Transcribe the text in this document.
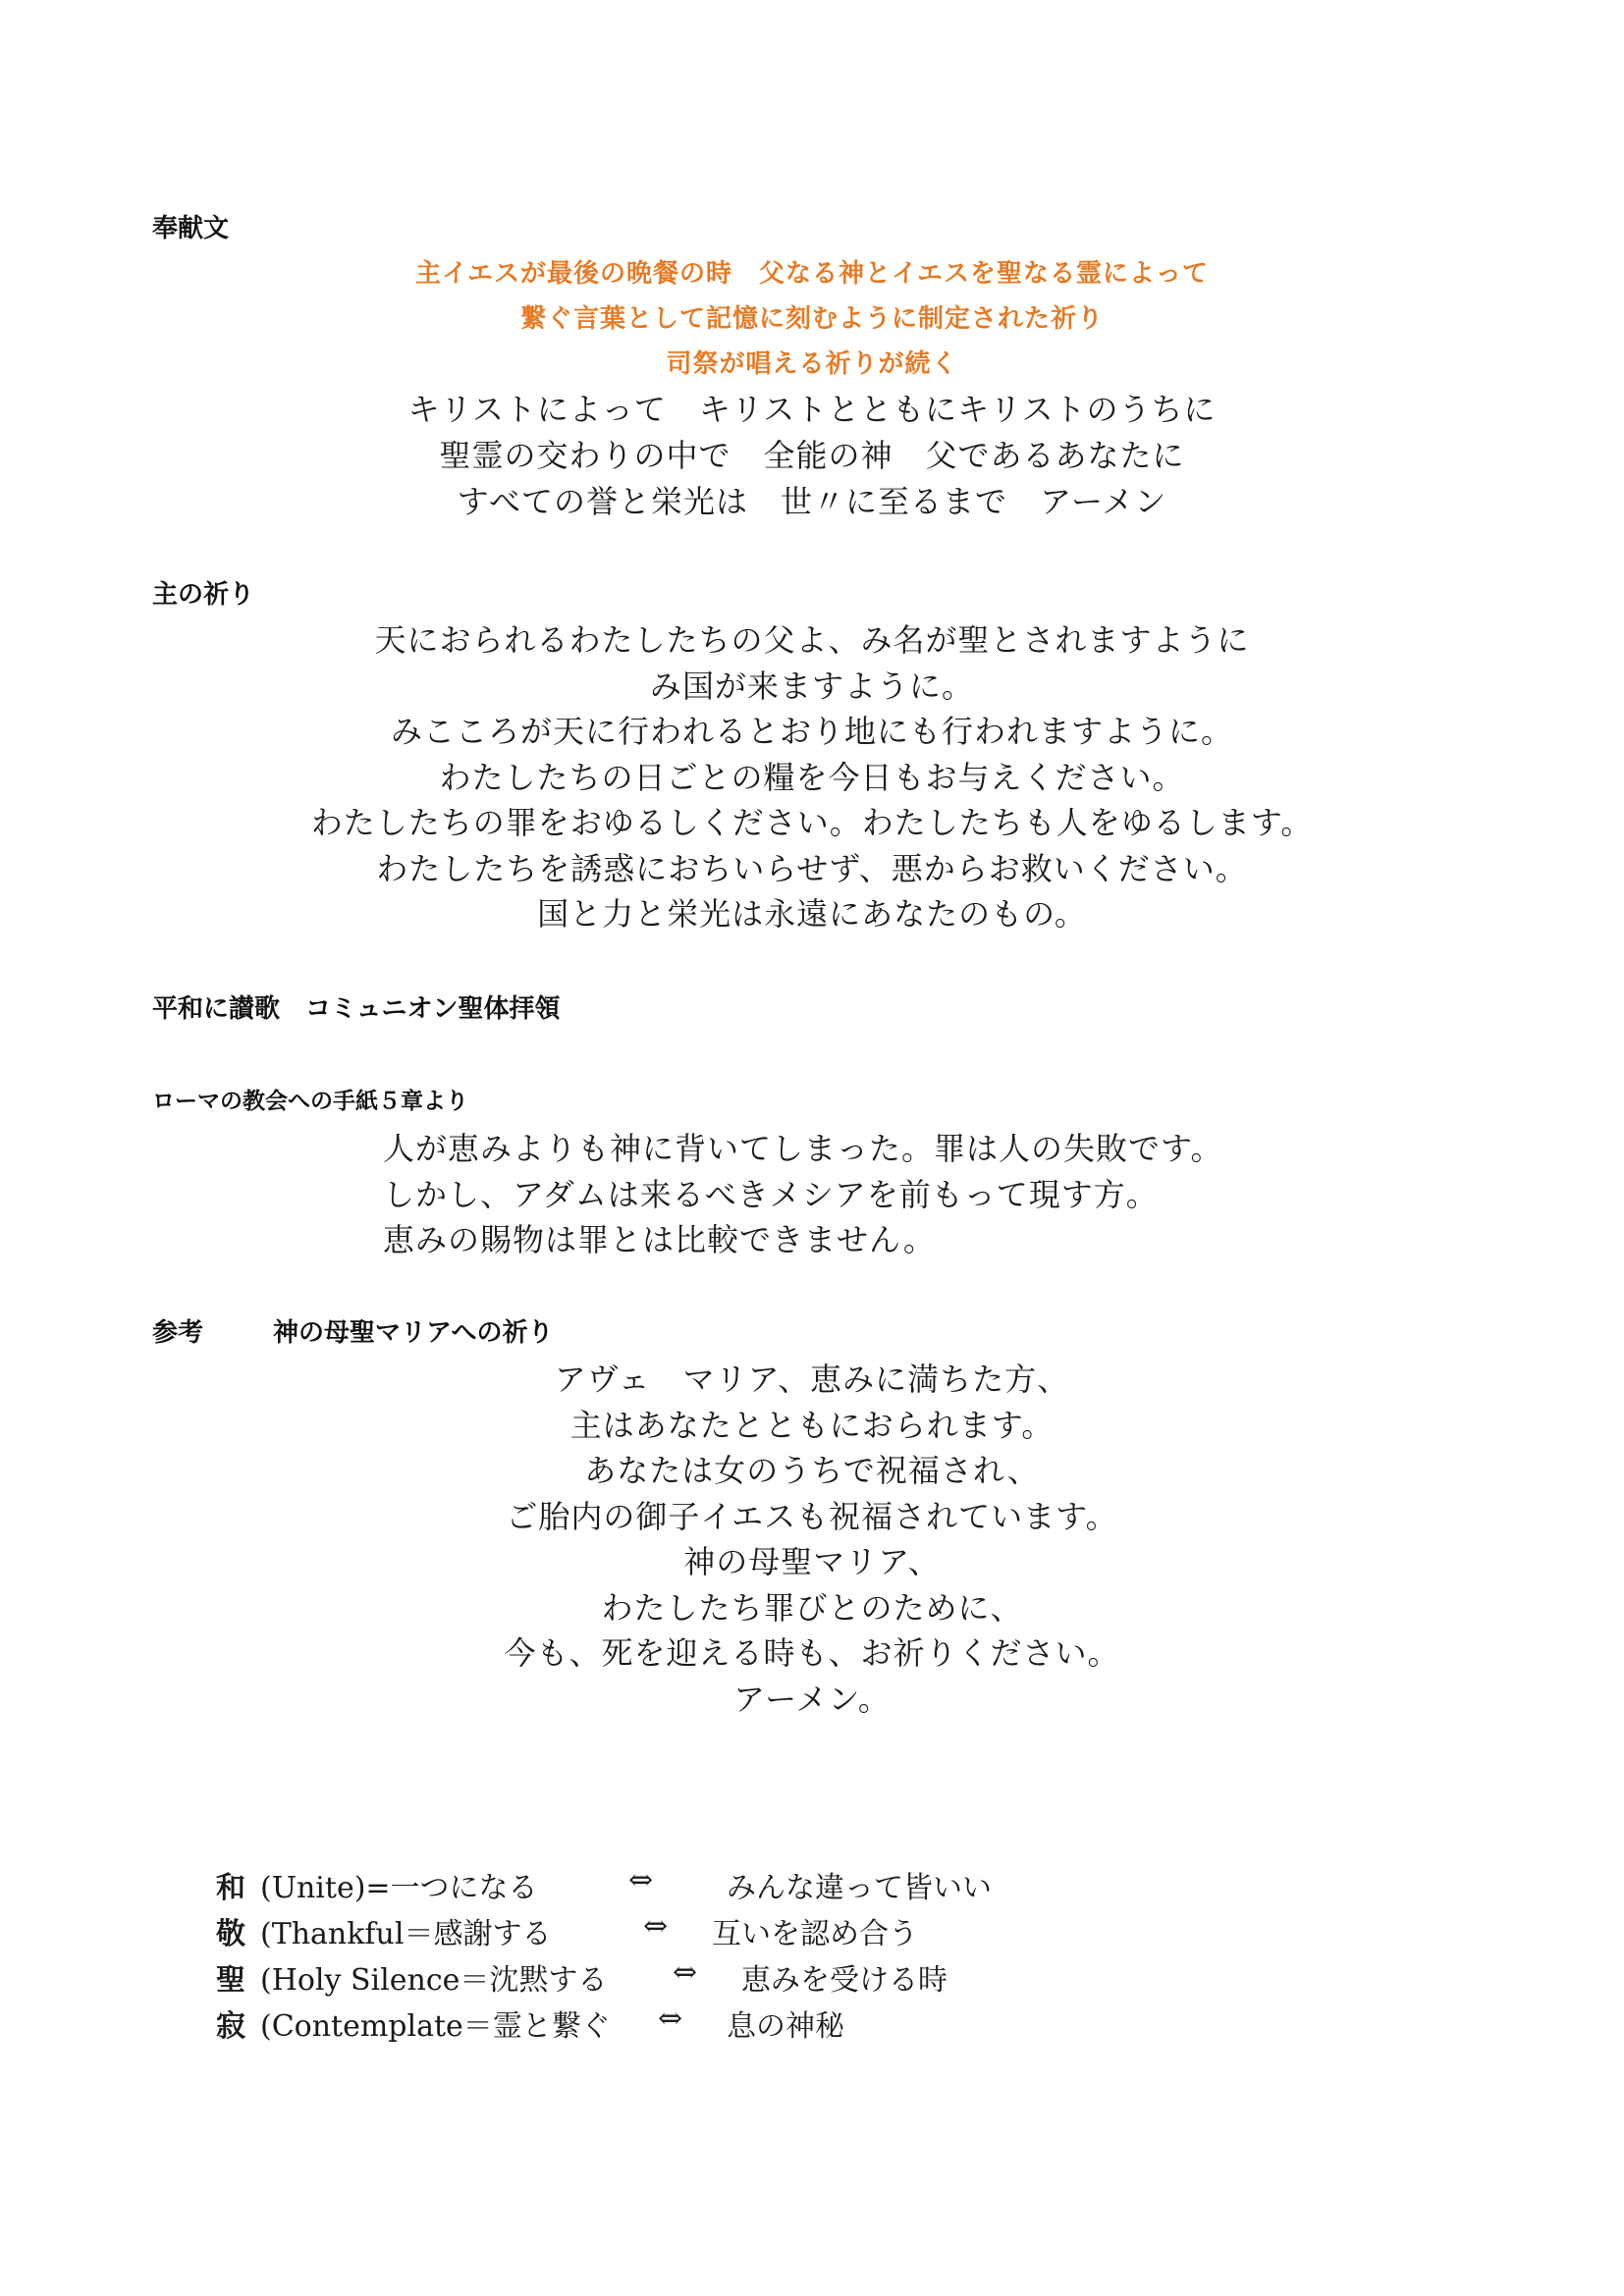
奉献文
主イエスが最後の晩餐の時　父なる神とイエスを聖なる霊によって
繋ぐ言葉として記憶に刻むように制定された祈り
司祭が唱える祈りが続く
キリストによって　キリストとともにキリストのうちに
聖霊の交わりの中で　全能の神　父であるあなたに
すべての誉と栄光は　世〃に至るまで　アーメン
主の祈り
天におられるわたしたちの父よ、み名が聖とされますように
み国が来ますように。
みこころが天に行われるとおり地にも行われますように。
わたしたちの日ごとの糧を今日もお与えください。
わたしたちの罪をおゆるしください。わたしたちも人をゆるします。
わたしたちを誘惑におちいらせず、悪からお救いください。
国と力と栄光は永遠にあなたのもの。
平和に讃歌　コミュニオン聖体拝領
ローマの教会への手紙５章より
人が恵みよりも神に背いてしまった。罪は人の失敗です。
しかし、アダムは来るべきメシアを前もって現す方。
恵みの賜物は罪とは比較できません。
参考	神の母聖マリアへの祈り
アヴェ　マリア、恵みに満ちた方、
主はあなたとともにおられます。
あなたは女のうちで祝福され、
ご胎内の御子イエスも祝福されています。
神の母聖マリア、
わたしたち罪びとのために、
今も、死を迎える時も、お祈りください。
アーメン。
和 (Unite)=一つになる	⇔ みんな違って皆いい
敬 (Thankful＝感謝する	⇔ 互いを認め合う
聖 (Holy Silence＝沈黙する ⇔ 恵みを受ける時
寂 (Contemplate＝霊と繋ぐ ⇔ 息の神秘
